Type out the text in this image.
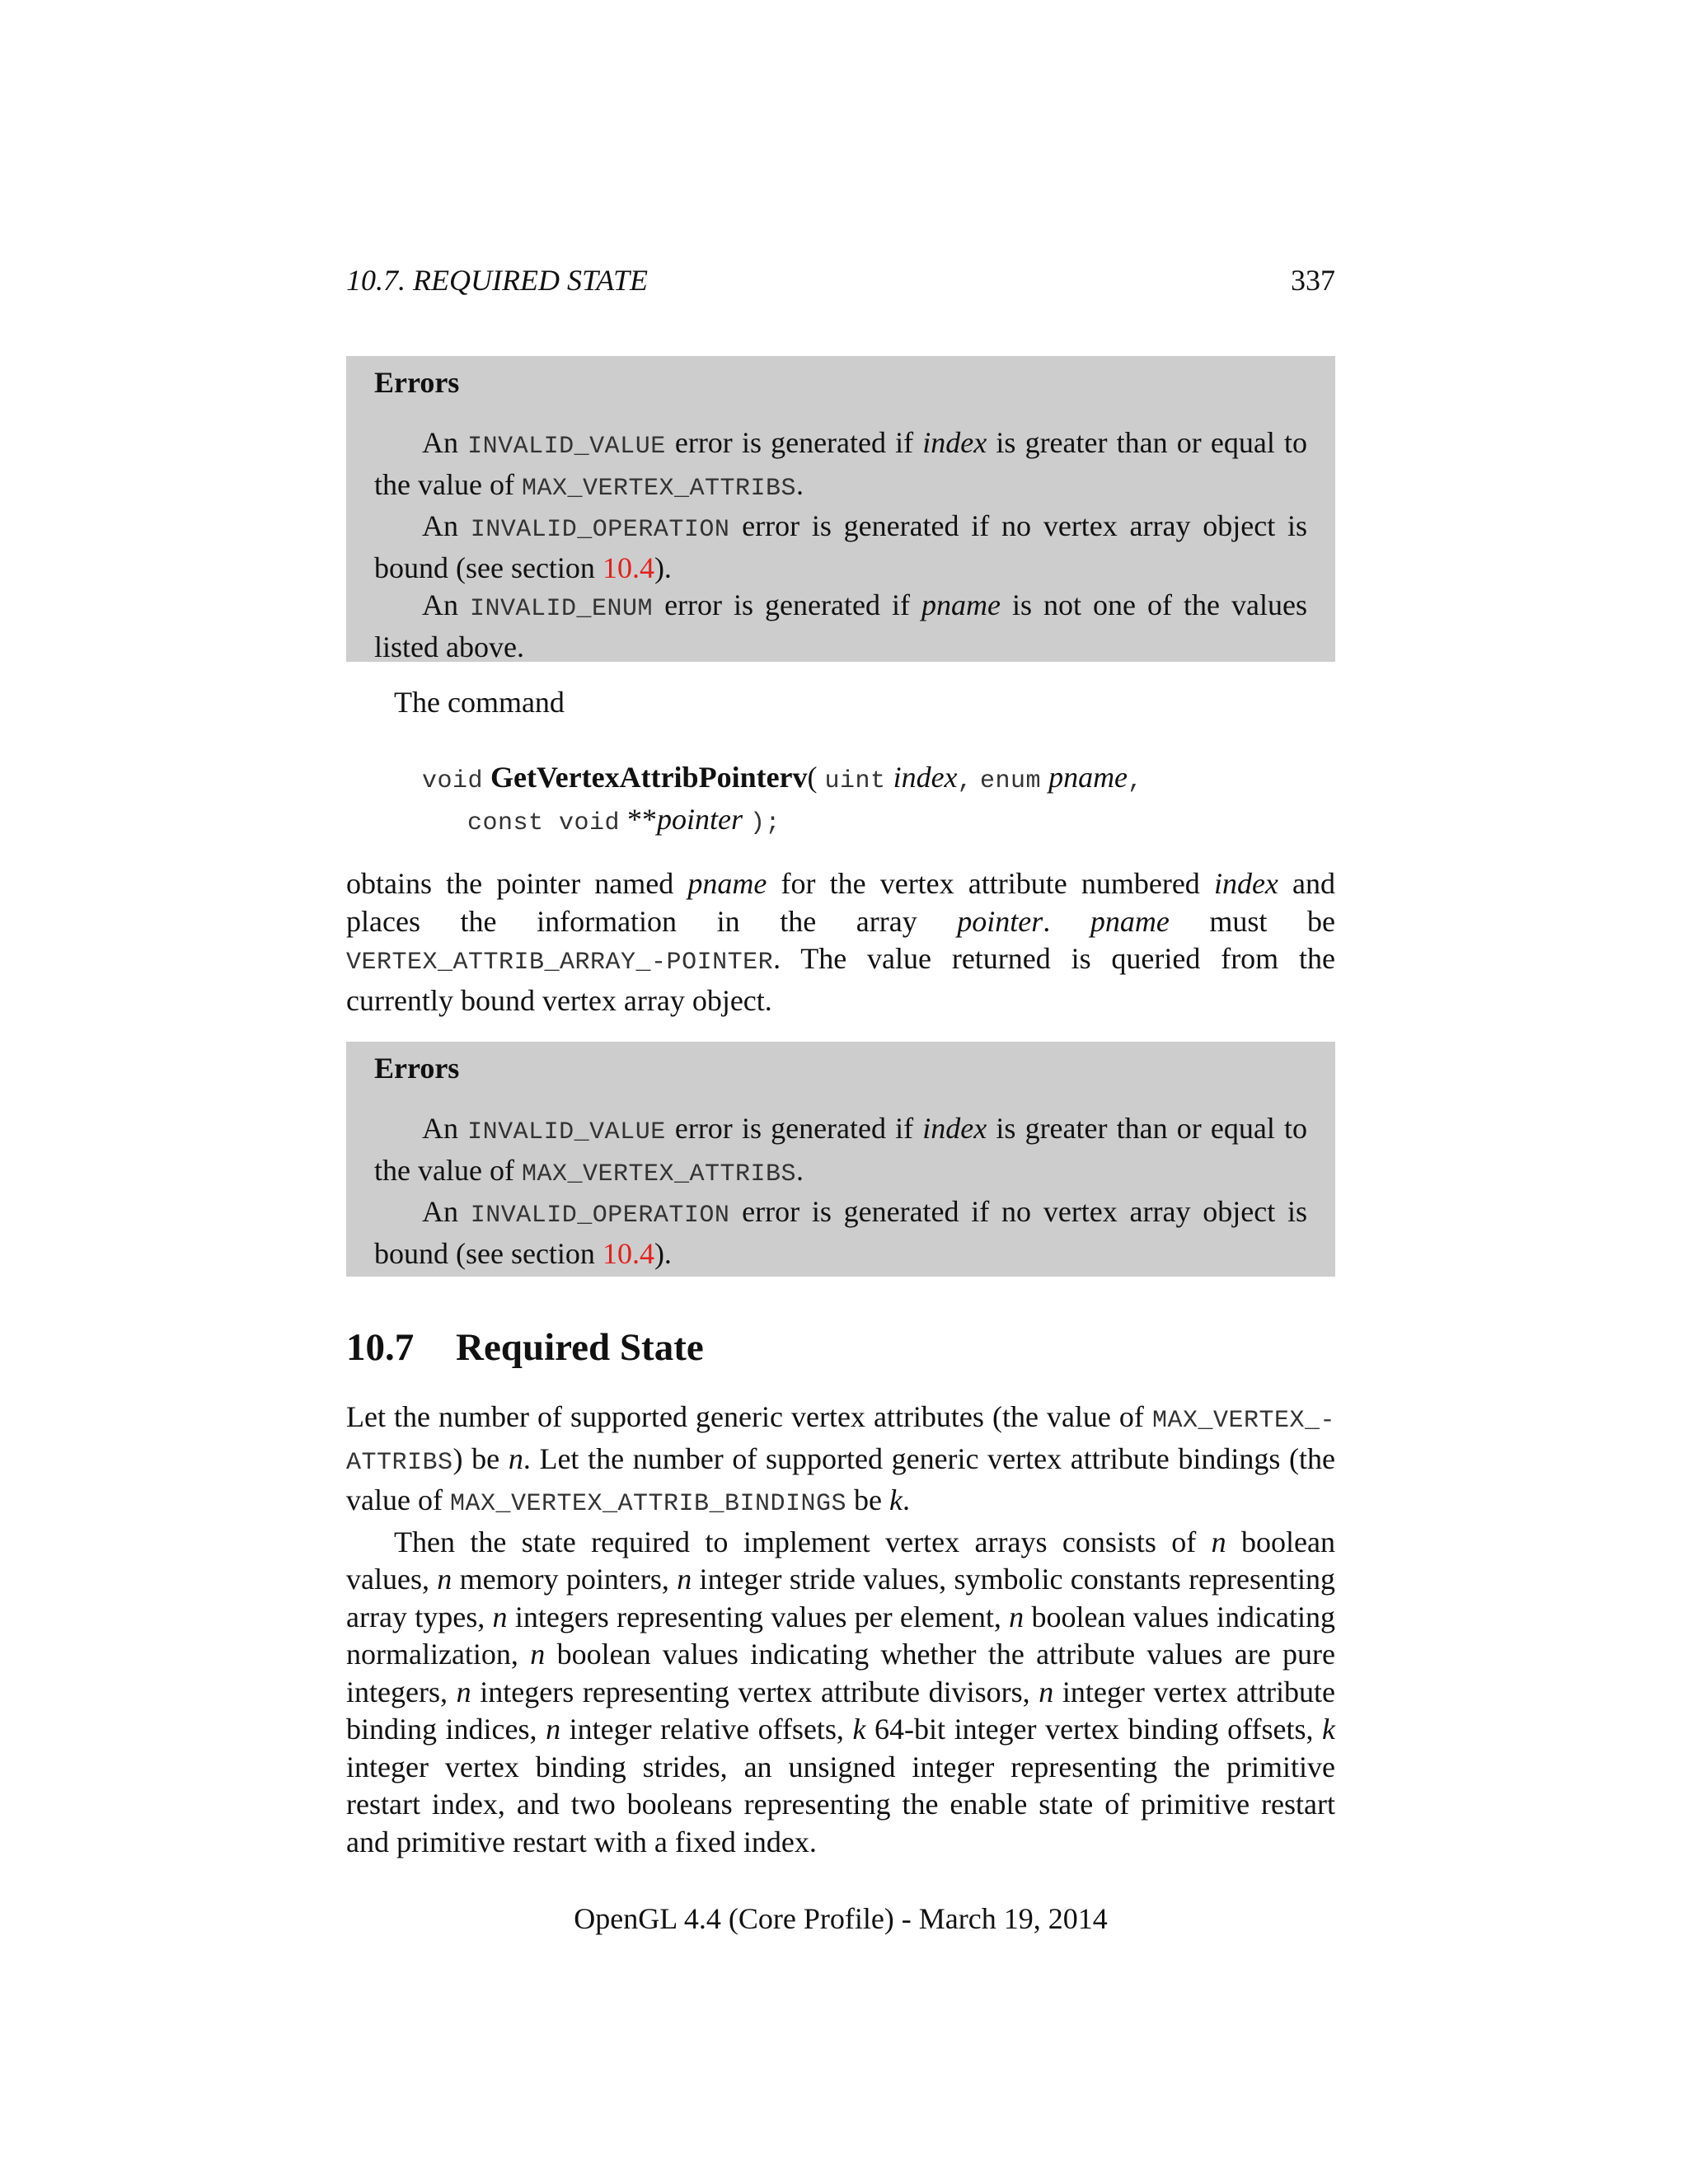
10.7. REQUIRED STATE	337
Errors

An INVALID_VALUE error is generated if index is greater than or equal to the value of MAX_VERTEX_ATTRIBS.

An INVALID_OPERATION error is generated if no vertex array object is bound (see section 10.4).

An INVALID_ENUM error is generated if pname is not one of the values listed above.

The command
void GetVertexAttribPointerv( uint index, enum pname,
const void **pointer );

obtains the pointer named pname for the vertex attribute numbered index and places the information in the array pointer. pname must be VERTEX_ATTRIB_ARRAY_-POINTER. The value returned is queried from the currently bound vertex array object.

Errors

An INVALID_VALUE error is generated if index is greater than or equal to the value of MAX_VERTEX_ATTRIBS.

An INVALID_OPERATION error is generated if no vertex array object is bound (see section 10.4).

10.7 Required State

Let the number of supported generic vertex attributes (the value of MAX_VERTEX_-ATTRIBS) be n. Let the number of supported generic vertex attribute bindings (the value of MAX_VERTEX_ATTRIB_BINDINGS be k.

Then the state required to implement vertex arrays consists of n boolean values, n memory pointers, n integer stride values, symbolic constants representing array types, n integers representing values per element, n boolean values indicating normalization, n boolean values indicating whether the attribute values are pure integers, n integers representing vertex attribute divisors, n integer vertex attribute binding indices, n integer relative offsets, k 64-bit integer vertex binding offsets, k integer vertex binding strides, an unsigned integer representing the primitive restart index, and two booleans representing the enable state of primitive restart and primitive restart with a fixed index.

OpenGL 4.4 (Core Profile) - March 19, 2014
